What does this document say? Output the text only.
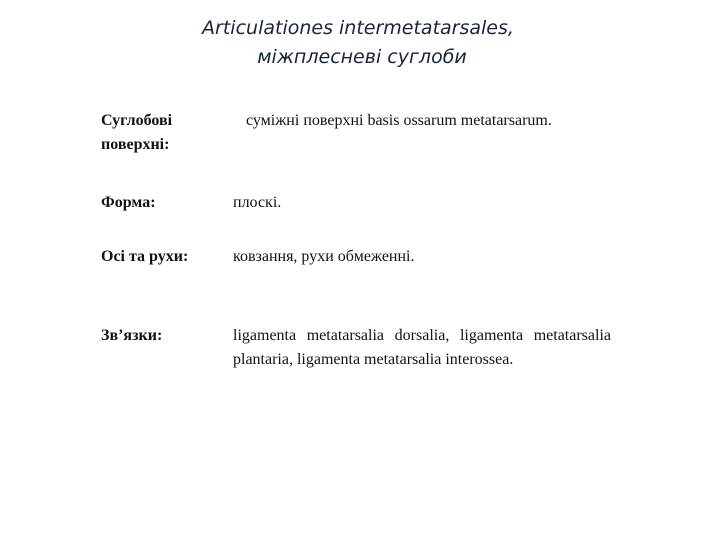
Articulationes intermetatarsales,
міжплесневі суглоби
Суглобові поверхні:
суміжні поверхні basis ossarum metatarsarum.
Форма:	плоскі.
Осі та рухи:	ковзання, рухи обмеженні.
Зв’язки:	ligamenta metatarsalia dorsalia, ligamenta metatarsalia plantaria, ligamenta metatarsalia interossea.
